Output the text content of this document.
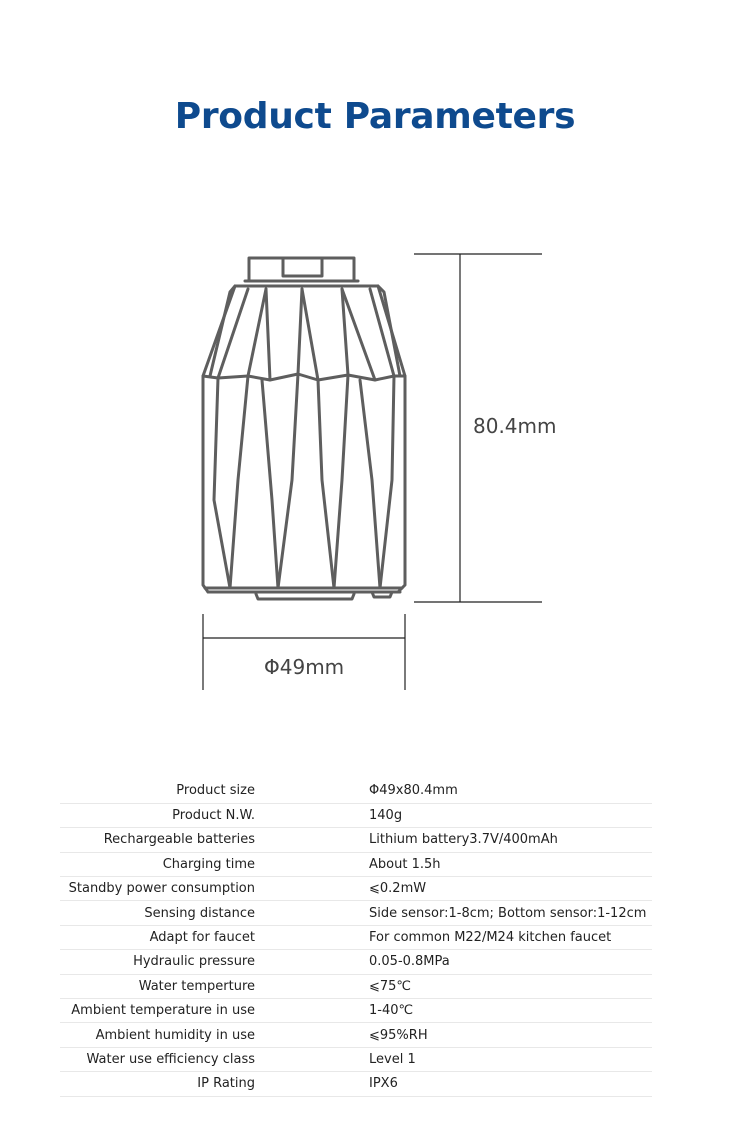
Product Parameters
80.4mm
Φ49mm
Product size	Φ49x80.4mm
Product N.W.	140g
Rechargeable batteries	Lithium battery3.7V/400mAh
Charging time	About 1.5h
Standby power consumption	⩽0.2mW
Sensing distance	Side sensor:1-8cm; Bottom sensor:1-12cm
Adapt for faucet	For common M22/M24 kitchen faucet
Hydraulic pressure	0.05-0.8MPa
Water temperture	⩽75℃
Ambient temperature in use	1-40℃
Ambient humidity in use	⩽95%RH
Water use efficiency class	Level 1
IP Rating	IPX6
